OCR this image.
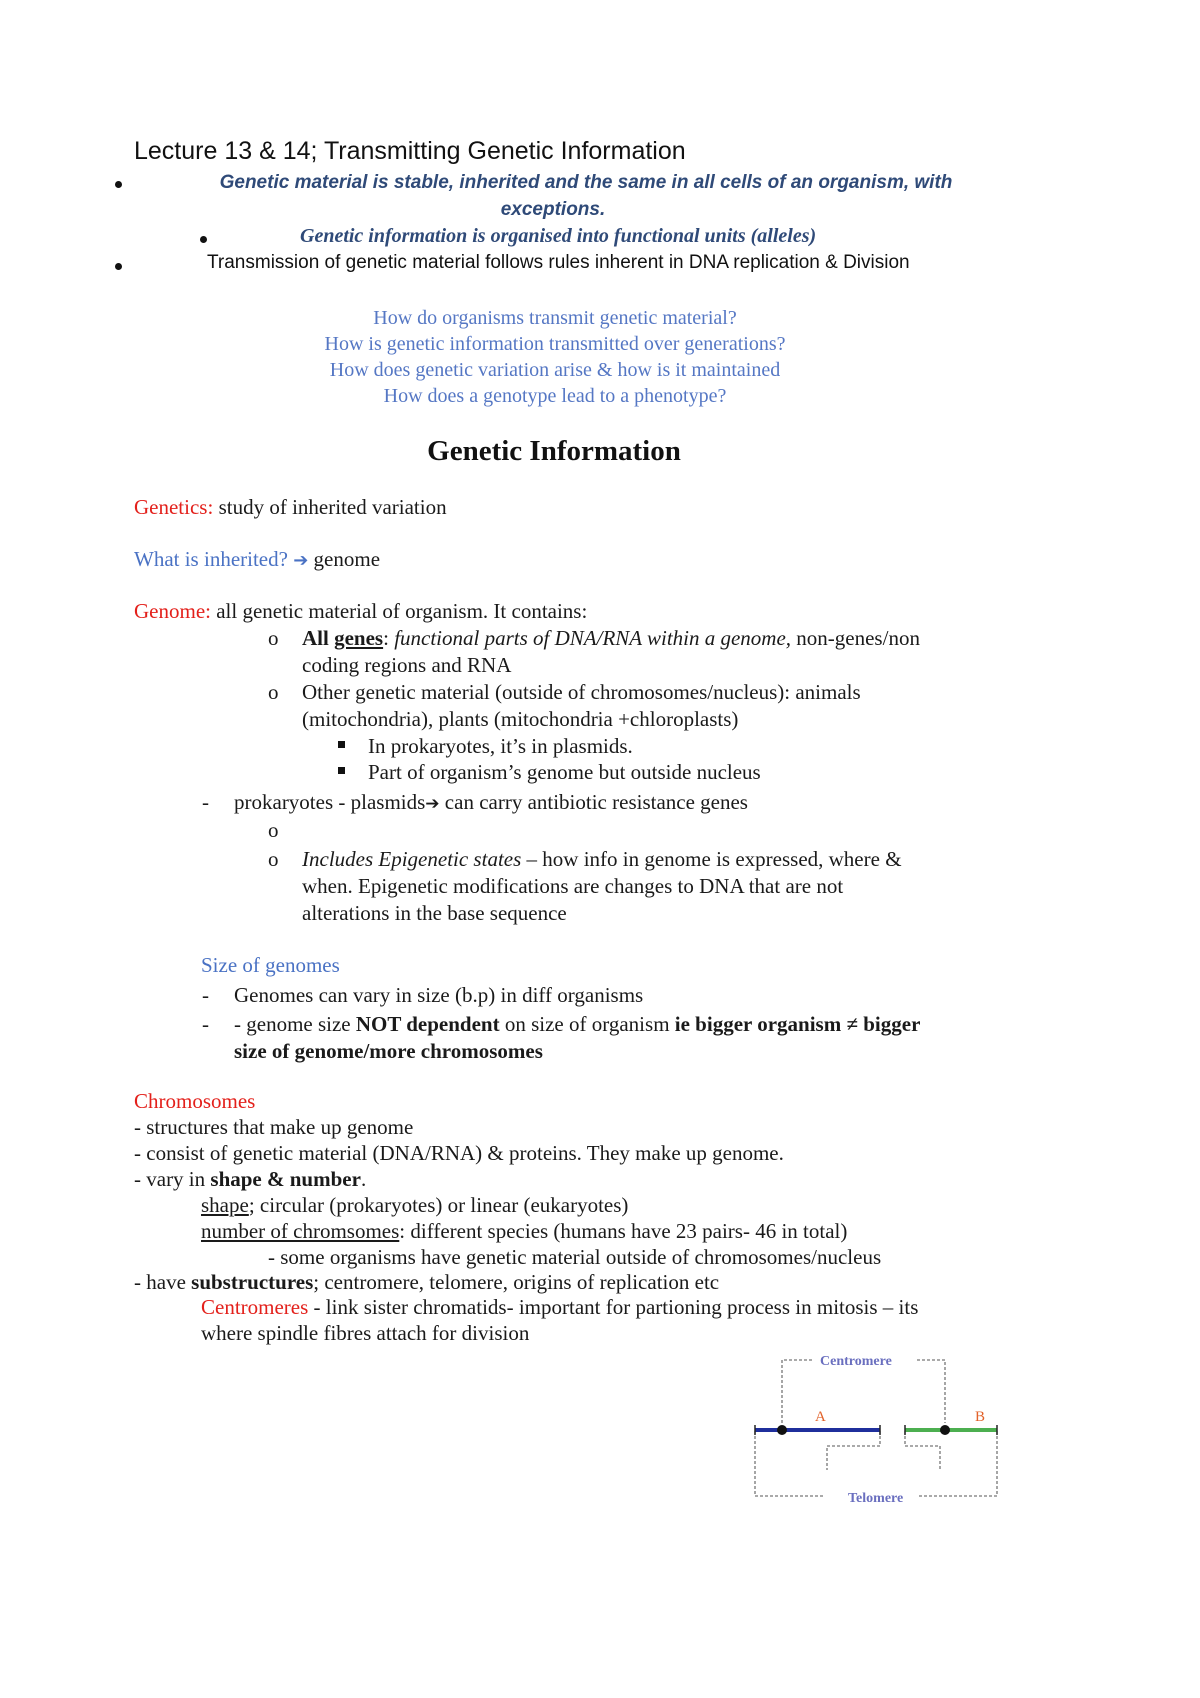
Lecture 13 & 14; Transmitting Genetic Information
Genetic material is stable, inherited and the same in all cells of an organism, with
exceptions.
Genetic information is organised into functional units (alleles)
Transmission of genetic material follows rules inherent in DNA replication & Division
How do organisms transmit genetic material?
How is genetic information transmitted over generations?
How does genetic variation arise & how is it maintained
How does a genotype lead to a phenotype?
Genetic Information
Genetics: study of inherited variation
What is inherited? ➔ genome
Genome: all genetic material of organism. It contains:
o All genes: functional parts of DNA/RNA within a genome, non-genes/non
coding regions and RNA
o Other genetic material (outside of chromosomes/nucleus): animals
(mitochondria), plants (mitochondria +chloroplasts)
In prokaryotes, it’s in plasmids.
Part of organism’s genome but outside nucleus
- prokaryotes - plasmids➔ can carry antibiotic resistance genes
o
o Includes Epigenetic states – how info in genome is expressed, where &
when. Epigenetic modifications are changes to DNA that are not
alterations in the base sequence
Size of genomes
- Genomes can vary in size (b.p) in diff organisms
- - genome size NOT dependent on size of organism ie bigger organism ≠ bigger
size of genome/more chromosomes
Chromosomes
- structures that make up genome
- consist of genetic material (DNA/RNA) & proteins. They make up genome.
- vary in shape & number.
shape; circular (prokaryotes) or linear (eukaryotes)
number of chromsomes: different species (humans have 23 pairs- 46 in total)
- some organisms have genetic material outside of chromosomes/nucleus
- have substructures; centromere, telomere, origins of replication etc
Centromeres - link sister chromatids- important for partioning process in mitosis – its
where spindle fibres attach for division
Centromere
Telomere
A	B
